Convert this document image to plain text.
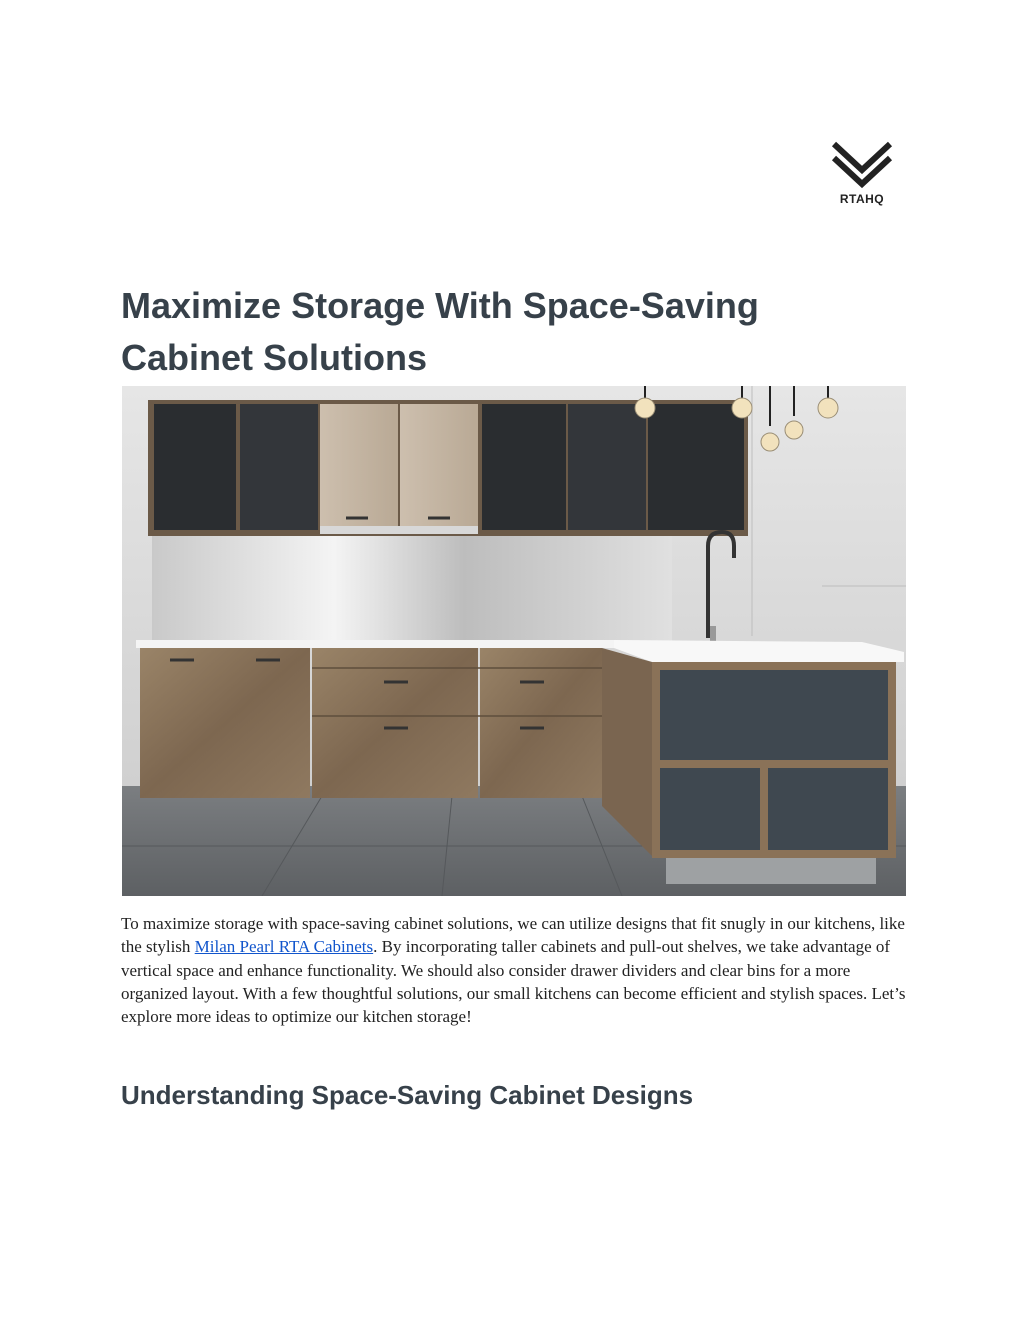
RTAHQ
Maximize Storage With Space-Saving Cabinet Solutions

To maximize storage with space-saving cabinet solutions, we can utilize designs that fit snugly in our kitchens, like the stylish Milan Pearl RTA Cabinets. By incorporating taller cabinets and pull-out shelves, we take advantage of vertical space and enhance functionality. We should also consider drawer dividers and clear bins for a more organized layout. With a few thoughtful solutions, our small kitchens can become efficient and stylish spaces. Let’s explore more ideas to optimize our kitchen storage!

Understanding Space-Saving Cabinet Designs
